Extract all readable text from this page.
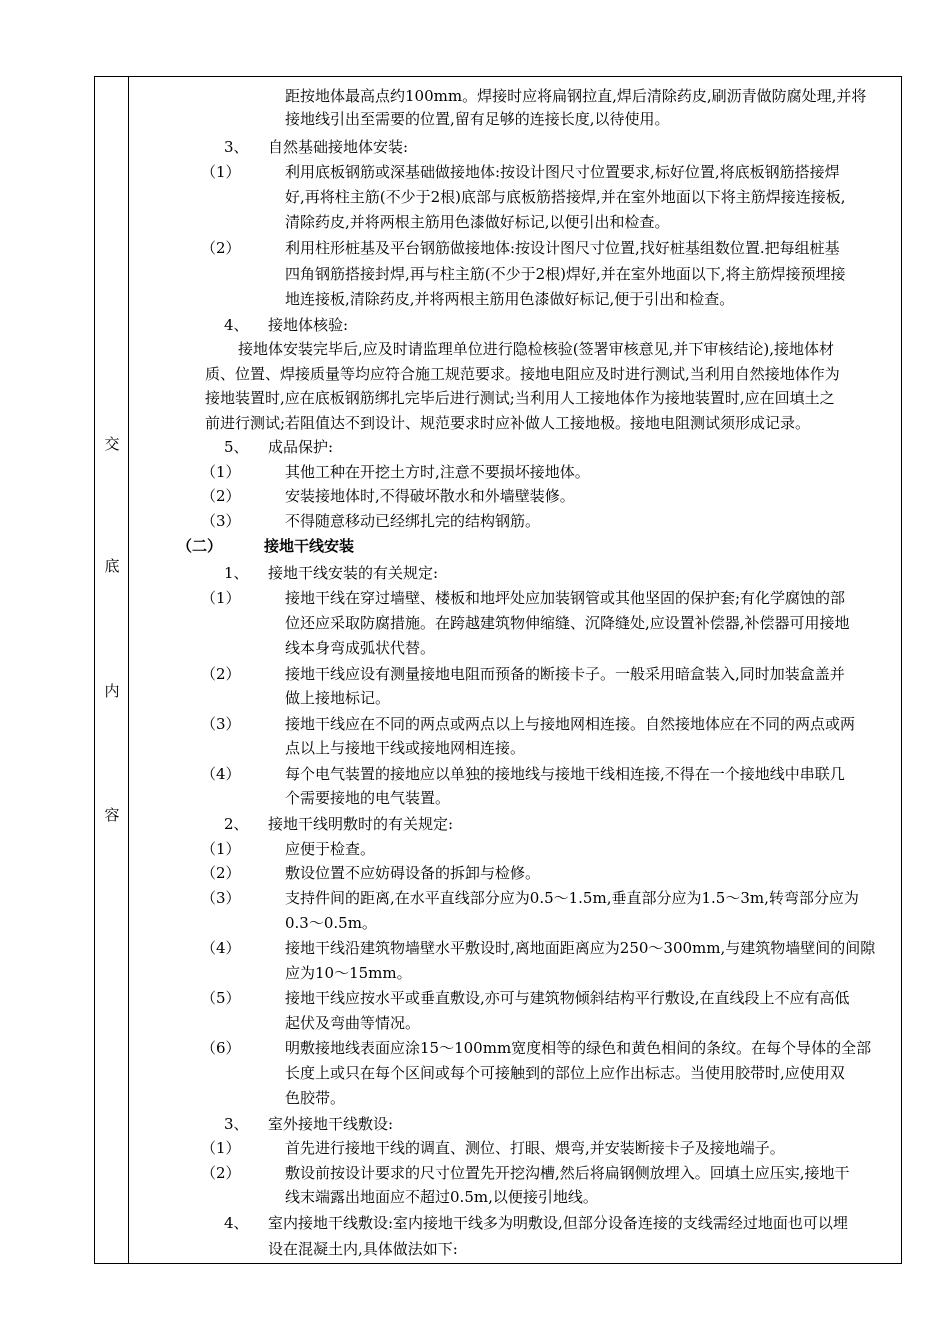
交
底
内
容
距按地体最高点约100mm。焊接时应将扁钢拉直,焊后清除药皮,刷沥青做防腐处理,并将
接地线引出至需要的位置,留有足够的连接长度,以待使用。
3、 自然基础接地体安装:
（1）	利用底板钢筋或深基础做接地体:按设计图尺寸位置要求,标好位置,将底板钢筋搭接焊
好,再将柱主筋(不少于2根)底部与底板筋搭接焊,并在室外地面以下将主筋焊接连接板,
清除药皮,并将两根主筋用色漆做好标记,以便引出和检查。
（2）	利用柱形桩基及平台钢筋做接地体:按设计图尺寸位置,找好桩基组数位置.把每组桩基
四角钢筋搭接封焊,再与柱主筋(不少于2根)焊好,并在室外地面以下,将主筋焊接预埋接
地连接板,清除药皮,并将两根主筋用色漆做好标记,便于引出和检查。
4、 接地体核验:
接地体安装完毕后,应及时请监理单位进行隐检核验(签署审核意见,并下审核结论),接地体材
质、位置、焊接质量等均应符合施工规范要求。接地电阻应及时进行测试,当利用自然接地体作为
接地装置时,应在底板钢筋绑扎完毕后进行测试;当利用人工接地体作为接地装置时,应在回填土之
前进行测试;若阻值达不到设计、规范要求时应补做人工接地极。接地电阻测试须形成记录。
5、 成品保护:
（1）	其他工种在开挖土方时,注意不要损坏接地体。
（2）	安装接地体时,不得破坏散水和外墙壁装修。
（3）	不得随意移动已经绑扎完的结构钢筋。
（二）	接地干线安装
1、 接地干线安装的有关规定:
（1）	接地干线在穿过墙壁、楼板和地坪处应加装钢管或其他坚固的保护套;有化学腐蚀的部
位还应采取防腐措施。在跨越建筑物伸缩缝、沉降缝处,应设置补偿器,补偿器可用接地
线本身弯成弧状代替。
（2）	接地干线应设有测量接地电阻而预备的断接卡子。一般采用暗盒装入,同时加装盒盖并
做上接地标记。
（3）	接地干线应在不同的两点或两点以上与接地网相连接。自然接地体应在不同的两点或两
点以上与接地干线或接地网相连接。
（4）	每个电气装置的接地应以单独的接地线与接地干线相连接,不得在一个接地线中串联几
个需要接地的电气装置。
2、 接地干线明敷时的有关规定:
（1）	应便于检查。
（2）	敷设位置不应妨碍设备的拆卸与检修。
（3）	支持件间的距离,在水平直线部分应为0.5～1.5m,垂直部分应为1.5～3m,转弯部分应为
0.3～0.5m。
（4）	接地干线沿建筑物墙壁水平敷设时,离地面距离应为250～300mm,与建筑物墙壁间的间隙
应为10～15mm。
（5）	接地干线应按水平或垂直敷设,亦可与建筑物倾斜结构平行敷设,在直线段上不应有高低
起伏及弯曲等情况。
（6）	明敷接地线表面应涂15～100mm宽度相等的绿色和黄色相间的条纹。在每个导体的全部
长度上或只在每个区间或每个可接触到的部位上应作出标志。当使用胶带时,应使用双
色胶带。
3、 室外接地干线敷设:
（1）	首先进行接地干线的调直、测位、打眼、煨弯,并安装断接卡子及接地端子。
（2）	敷设前按设计要求的尺寸位置先开挖沟槽,然后将扁钢侧放埋入。回填土应压实,接地干
线末端露出地面应不超过0.5m,以便接引地线。
4、 室内接地干线敷设:室内接地干线多为明敷设,但部分设备连接的支线需经过地面也可以埋
设在混凝土内,具体做法如下:
